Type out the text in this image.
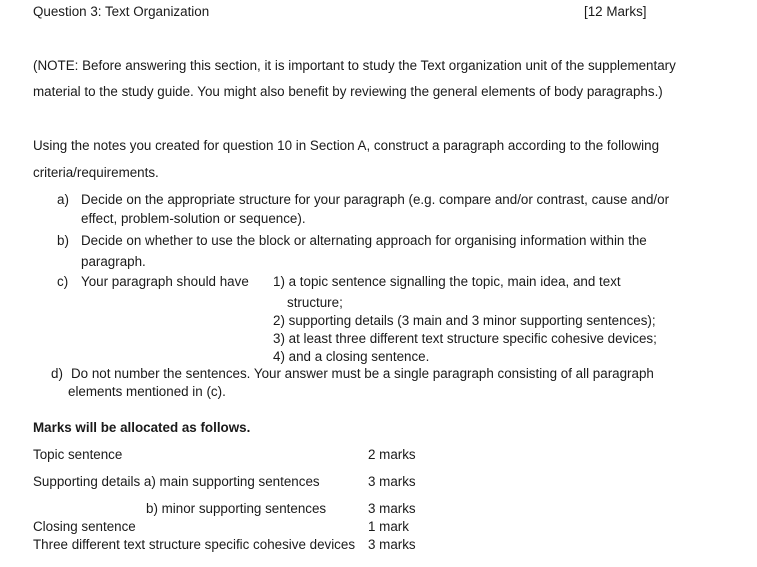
Question 3: Text Organization	[12 Marks]
(NOTE: Before answering this section, it is important to study the Text organization unit of the supplementary
material to the study guide. You might also benefit by reviewing the general elements of body paragraphs.)
Using the notes you created for question 10 in Section A, construct a paragraph according to the following
criteria/requirements.
a) Decide on the appropriate structure for your paragraph (e.g. compare and/or contrast, cause and/or
effect, problem-solution or sequence).
b) Decide on whether to use the block or alternating approach for organising information within the
paragraph.
c) Your paragraph should have 1) a topic sentence signalling the topic, main idea, and text
structure;
2) supporting details (3 main and 3 minor supporting sentences);
3) at least three different text structure specific cohesive devices;
4) and a closing sentence.
d) Do not number the sentences. Your answer must be a single paragraph consisting of all paragraph
elements mentioned in (c).
Marks will be allocated as follows.
Topic sentence	2 marks
Supporting details a) main supporting sentences	3 marks
b) minor supporting sentences	3 marks
Closing sentence	1 mark
Three different text structure specific cohesive devices 3 marks
